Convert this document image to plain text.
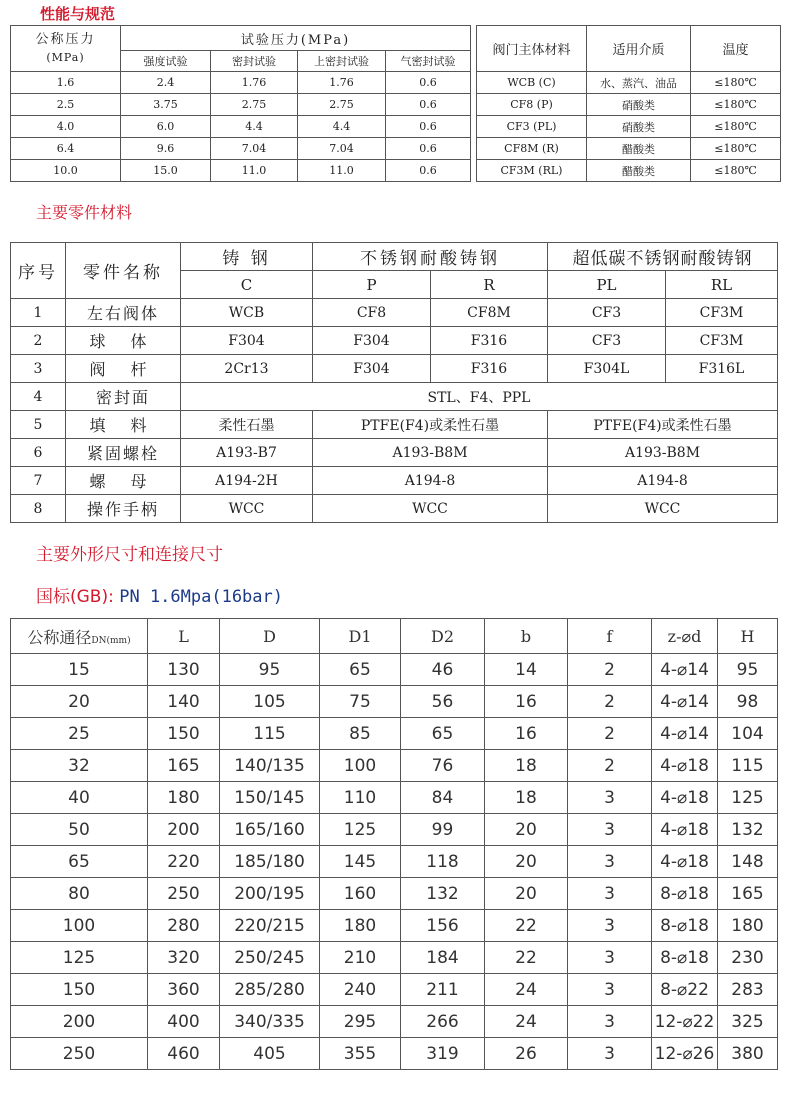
性能与规范
公称压力
(MPa)	试验压力(MPa)			
	强度试验	密封试验	上密封试验	气密封试验
1.6	2.4	1.76	1.76	0.6
2.5	3.75	2.75	2.75	0.6
4.0	6.0	4.4	4.4	0.6
6.4	9.6	7.04	7.04	0.6
10.0	15.0	11.0	11.0	0.6
阀门主体材料	适用介质	温度
WCB (C)	水、蒸汽、油品	≤180℃
CF8 (P)	硝酸类	≤180℃
CF3 (PL)	硝酸类	≤180℃
CF8M (R)	醋酸类	≤180℃
CF3M (RL)	醋酸类	≤180℃
主要零件材料
序号	零件名称	铸 钢	不锈钢耐酸铸钢		超低碳不锈钢耐酸铸钢	
		C	P	R	PL	RL
1	左右阀体	WCB	CF8	CF8M	CF3	CF3M
2	球 体	F304	F304	F316	CF3	CF3M
3	阀 杆	2Cr13	F304	F316	F304L	F316L
4	密封面	STL、F4、PPL				
5	填 料	柔性石墨	PTFE(F4)或柔性石墨		PTFE(F4)或柔性石墨	
6	紧固螺栓	A193-B7	A193-B8M		A193-B8M	
7	螺 母	A194-2H	A194-8		A194-8	
8	操作手柄	WCC	WCC		WCC	
主要外形尺寸和连接尺寸
国标(GB): PN 1.6Mpa(16bar)
公称通径DN(mm)	L	D	D1	D2	b	f	z-⌀d	H
15	130	95	65	46	14	2	4-⌀14	95
20	140	105	75	56	16	2	4-⌀14	98
25	150	115	85	65	16	2	4-⌀14	104
32	165	140/135	100	76	18	2	4-⌀18	115
40	180	150/145	110	84	18	3	4-⌀18	125
50	200	165/160	125	99	20	3	4-⌀18	132
65	220	185/180	145	118	20	3	4-⌀18	148
80	250	200/195	160	132	20	3	8-⌀18	165
100	280	220/215	180	156	22	3	8-⌀18	180
125	320	250/245	210	184	22	3	8-⌀18	230
150	360	285/280	240	211	24	3	8-⌀22	283
200	400	340/335	295	266	24	3	12-⌀22	325
250	460	405	355	319	26	3	12-⌀26	380
